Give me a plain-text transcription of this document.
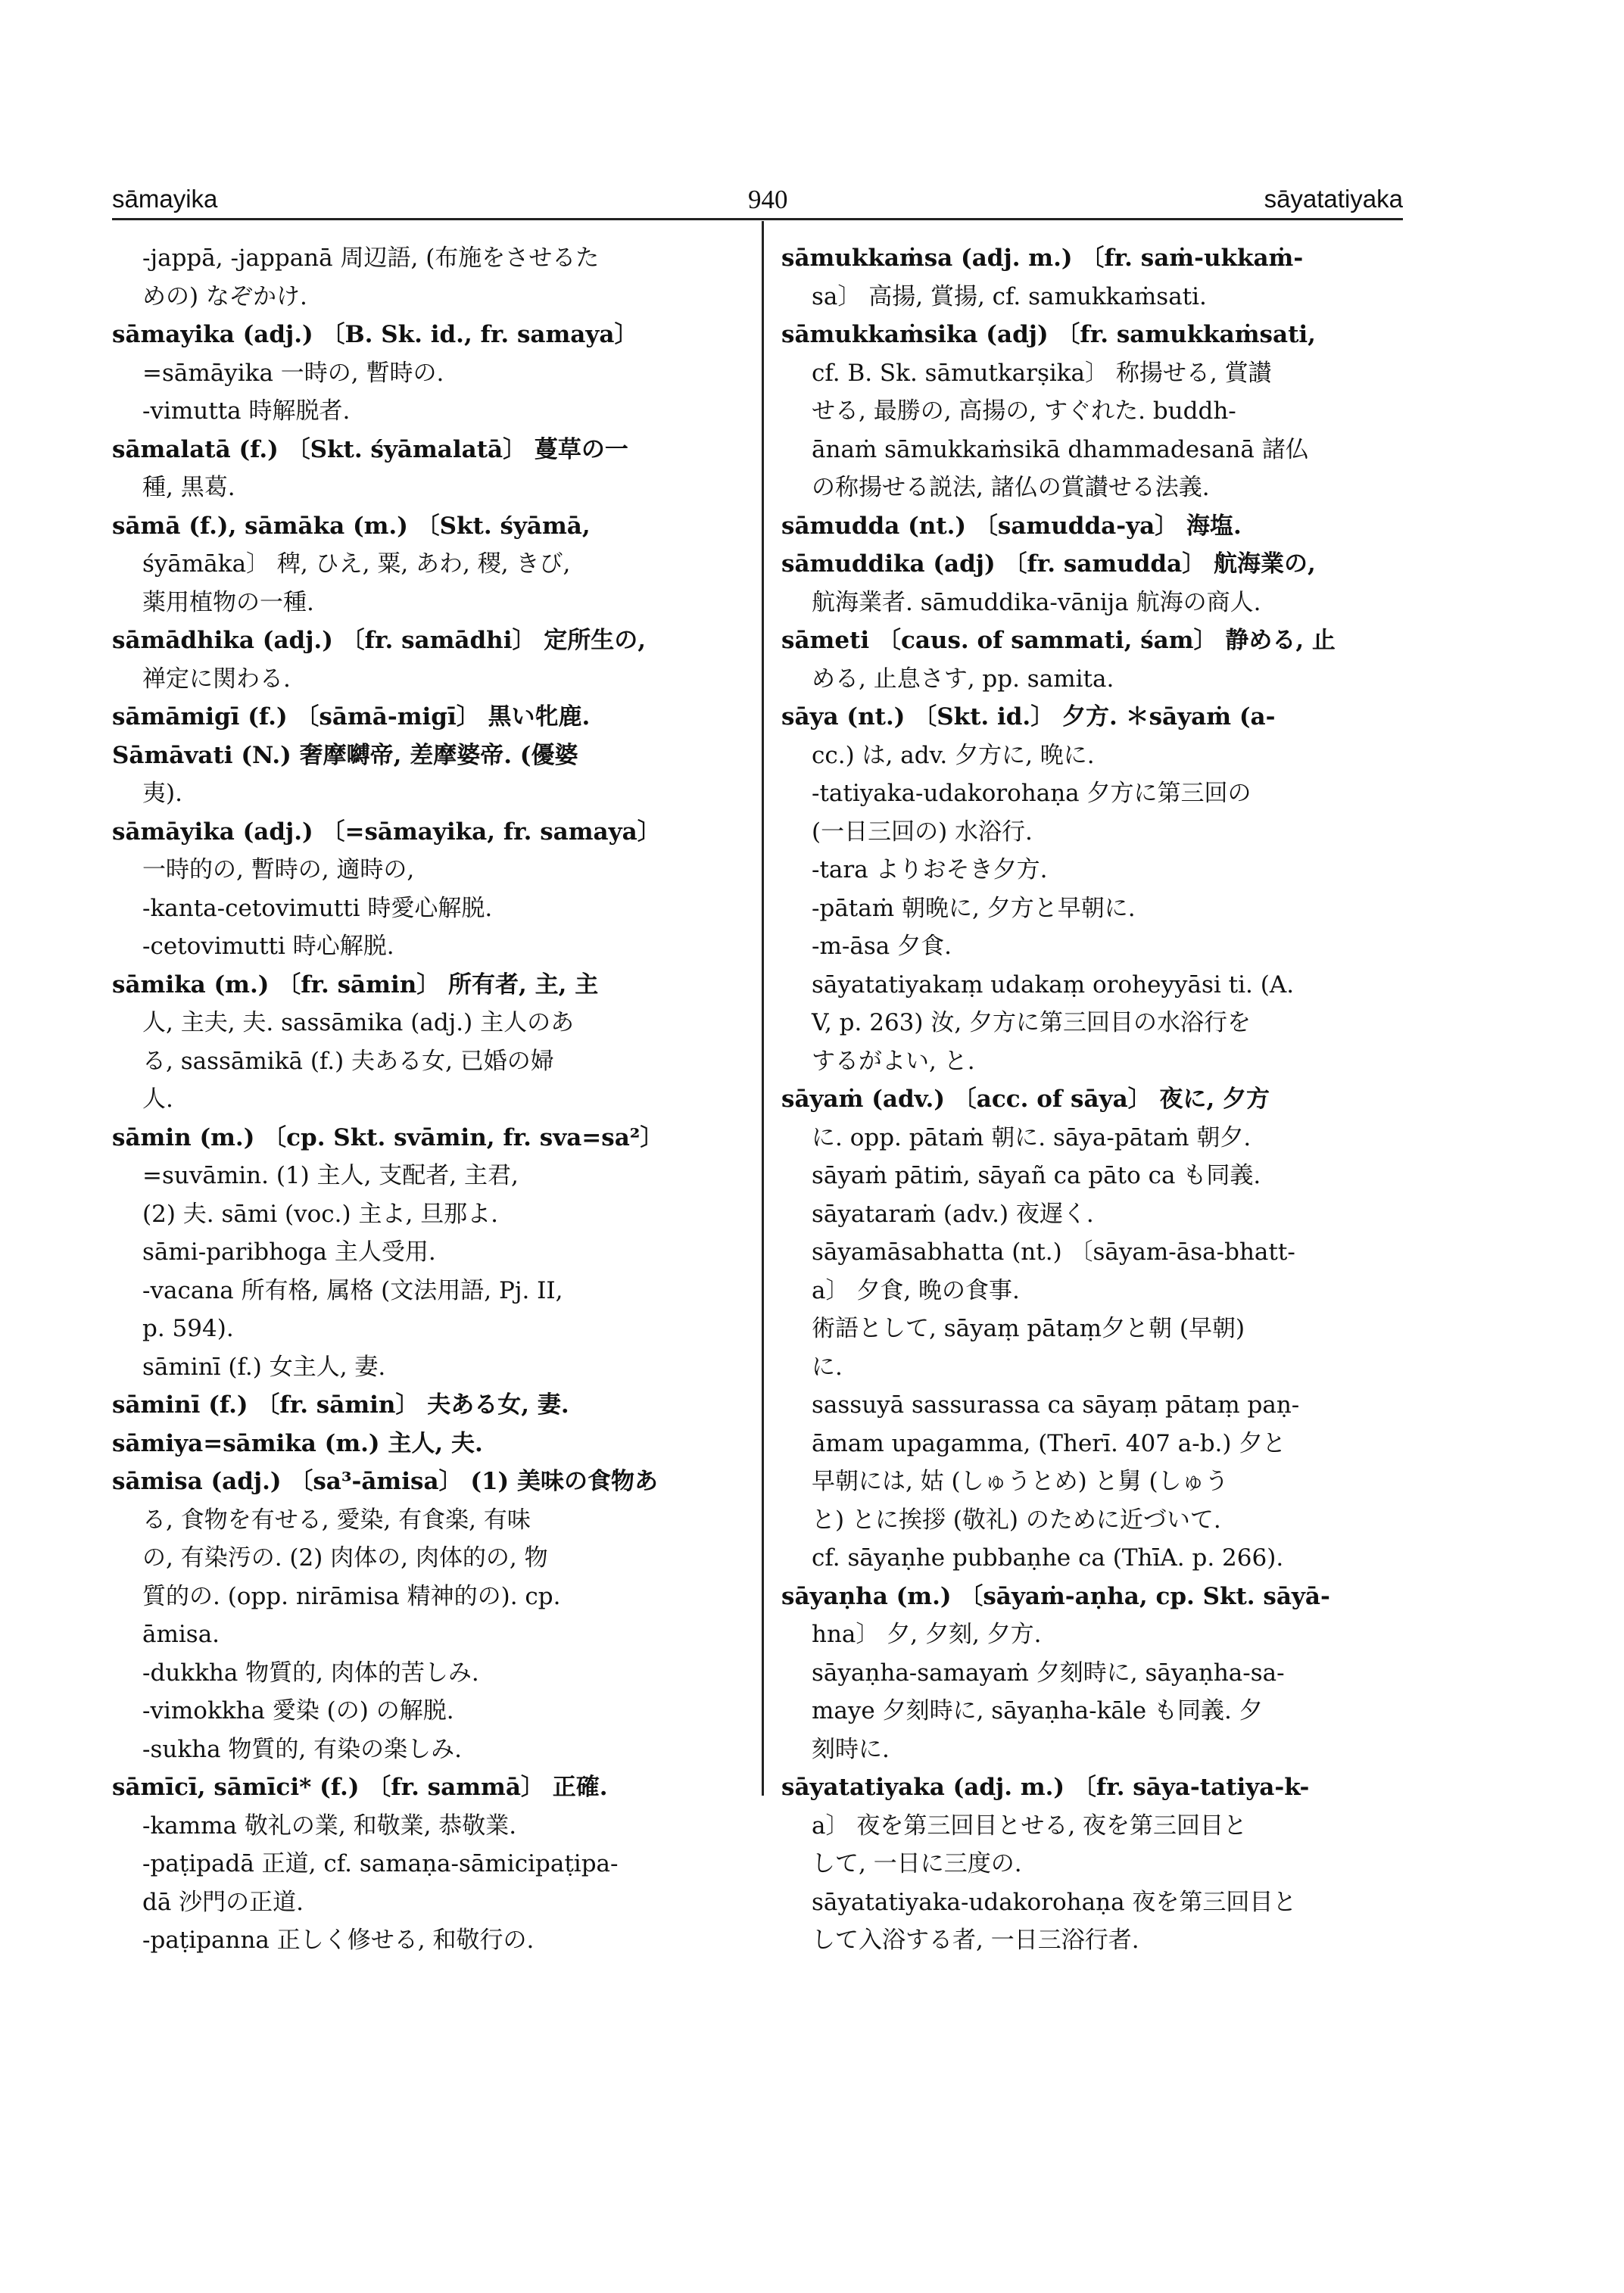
sāmayika	940	sāyatatiyaka
-jappā, -jappanā 周辺語, (布施をさせるた
めの) なぞかけ.
sāmayika (adj.) 〔B. Sk. id., fr. samaya〕
=sāmāyika 一時の, 暫時の.
-vimutta 時解脱者.
sāmalatā (f.) 〔Skt. śyāmalatā〕 蔓草の一
種, 黒葛.
sāmā (f.), sāmāka (m.) 〔Skt. śyāmā,
śyāmāka〕 稗, ひえ, 粟, あわ, 稷, きび,
薬用植物の一種.
sāmādhika (adj.) 〔fr. samādhi〕 定所生の,
禅定に関わる.
sāmāmigī (f.) 〔sāmā-migī〕 黒い牝鹿.
Sāmāvati (N.) 奢摩嚩帝, 差摩婆帝. (優婆
夷).
sāmāyika (adj.) 〔=sāmayika, fr. samaya〕
一時的の, 暫時の, 適時の,
-kanta-cetovimutti 時愛心解脱.
-cetovimutti 時心解脱.
sāmika (m.) 〔fr. sāmin〕 所有者, 主, 主
人, 主夫, 夫. sassāmika (adj.) 主人のあ
る, sassāmikā (f.) 夫ある女, 已婚の婦
人.
sāmin (m.) 〔cp. Skt. svāmin, fr. sva=sa²〕
=suvāmin. (1) 主人, 支配者, 主君,
(2) 夫. sāmi (voc.) 主よ, 旦那よ.
sāmi-paribhoga 主人受用.
-vacana 所有格, 属格 (文法用語, Pj. II,
p. 594).
sāminī (f.) 女主人, 妻.
sāminī (f.) 〔fr. sāmin〕 夫ある女, 妻.
sāmiya=sāmika (m.) 主人, 夫.
sāmisa (adj.) 〔sa³-āmisa〕 (1) 美味の食物あ
る, 食物を有せる, 愛染, 有食楽, 有味
の, 有染汚の. (2) 肉体の, 肉体的の, 物
質的の. (opp. nirāmisa 精神的の). cp.
āmisa.
-dukkha 物質的, 肉体的苦しみ.
-vimokkha 愛染 (の) の解脱.
-sukha 物質的, 有染の楽しみ.
sāmīcī, sāmīci* (f.) 〔fr. sammā〕 正確.
-kamma 敬礼の業, 和敬業, 恭敬業.
-paṭipadā 正道, cf. samaṇa-sāmicipaṭipa-
dā 沙門の正道.
-paṭipanna 正しく修せる, 和敬行の.
sāmukkaṁsa (adj. m.) 〔fr. saṁ-ukkaṁ-
sa〕 高揚, 賞揚, cf. samukkaṁsati.
sāmukkaṁsika (adj) 〔fr. samukkaṁsati,
cf. B. Sk. sāmutkarṣika〕 称揚せる, 賞讃
せる, 最勝の, 高揚の, すぐれた. buddh-
ānaṁ sāmukkaṁsikā dhammadesanā 諸仏
の称揚せる説法, 諸仏の賞讃せる法義.
sāmudda (nt.) 〔samudda-ya〕 海塩.
sāmuddika (adj) 〔fr. samudda〕 航海業の,
航海業者. sāmuddika-vānija 航海の商人.
sāmeti 〔caus. of sammati, śam〕 静める, 止
める, 止息さす, pp. samita.
sāya (nt.) 〔Skt. id.〕 夕方. ＊sāyaṁ (a-
cc.) は, adv. 夕方に, 晩に.
-tatiyaka-udakorohaṇa 夕方に第三回の
(一日三回の) 水浴行.
-tara よりおそき夕方.
-pātaṁ 朝晩に, 夕方と早朝に.
-m-āsa 夕食.
sāyatatiyakaṃ udakaṃ oroheyyāsi ti. (A.
V, p. 263) 汝, 夕方に第三回目の水浴行を
するがよい, と.
sāyaṁ (adv.) 〔acc. of sāya〕 夜に, 夕方
に. opp. pātaṁ 朝に. sāya-pātaṁ 朝夕.
sāyaṁ pātiṁ, sāyañ ca pāto ca も同義.
sāyataraṁ (adv.) 夜遅く.
sāyamāsabhatta (nt.) 〔sāyam-āsa-bhatt-
a〕 夕食, 晩の食事.
術語として, sāyaṃ pātaṃ夕と朝 (早朝)
に.
sassuyā sassurassa ca sāyaṃ pātaṃ paṇ-
āmam upagamma, (Therī. 407 a-b.) 夕と
早朝には, 姑 (しゅうとめ) と舅 (しゅう
と) とに挨拶 (敬礼) のために近づいて.
cf. sāyaṇhe pubbaṇhe ca (ThīA. p. 266).
sāyaṇha (m.) 〔sāyaṁ-aṇha, cp. Skt. sāyā-
hna〕 夕, 夕刻, 夕方.
sāyaṇha-samayaṁ 夕刻時に, sāyaṇha-sa-
maye 夕刻時に, sāyaṇha-kāle も同義. 夕
刻時に.
sāyatatiyaka (adj. m.) 〔fr. sāya-tatiya-k-
a〕 夜を第三回目とせる, 夜を第三回目と
して, 一日に三度の.
sāyatatiyaka-udakorohaṇa 夜を第三回目と
して入浴する者, 一日三浴行者.
